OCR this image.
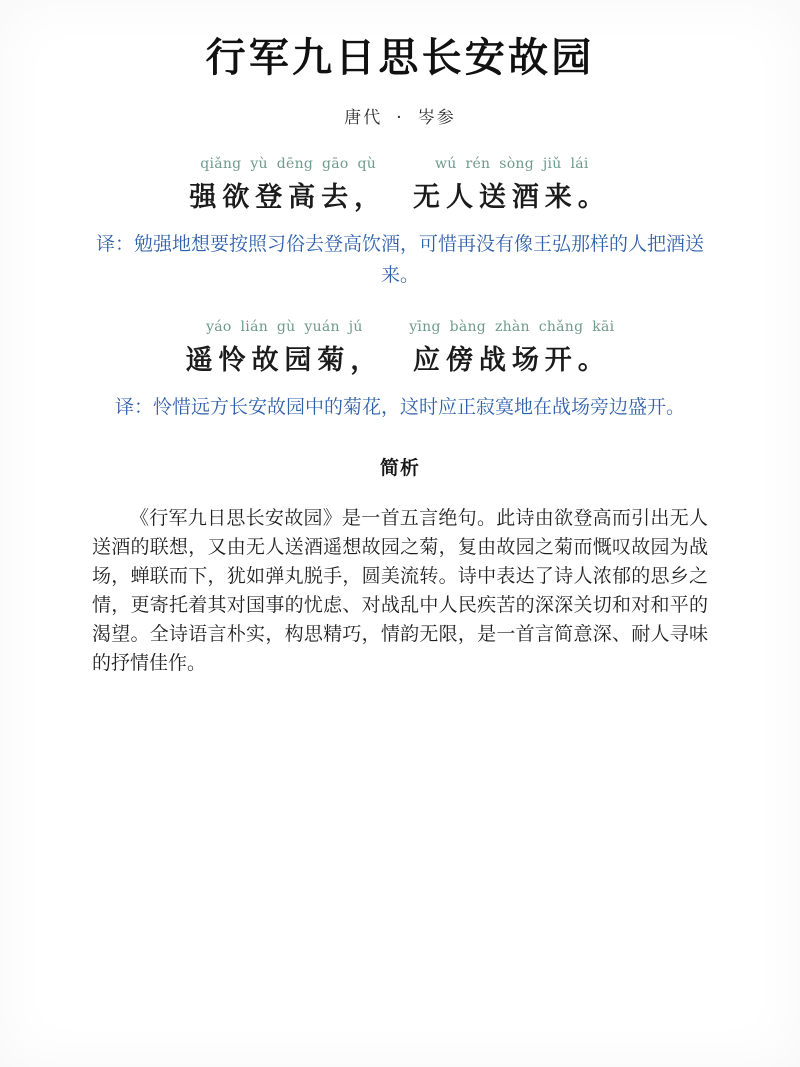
行军九日思长安故园
唐代 · 岑参
qiǎng yù dēng gāo qù
强欲登高去，
wú rén sòng jiǔ lái
无人送酒来。

译：勉强地想要按照习俗去登高饮酒，可惜再没有像王弘那样的人把酒送来。

yáo lián gù yuán jú
遥怜故园菊，
yīng bàng zhàn chǎng kāi
应傍战场开。

译：怜惜远方长安故园中的菊花，这时应正寂寞地在战场旁边盛开。

简析

《行军九日思长安故园》是一首五言绝句。此诗由欲登高而引出无人送酒的联想，又由无人送酒遥想故园之菊，复由故园之菊而慨叹故园为战场，蝉联而下，犹如弹丸脱手，圆美流转。诗中表达了诗人浓郁的思乡之情，更寄托着其对国事的忧虑、对战乱中人民疾苦的深深关切和对和平的渴望。全诗语言朴实，构思精巧，情韵无限，是一首言简意深、耐人寻味的抒情佳作。
